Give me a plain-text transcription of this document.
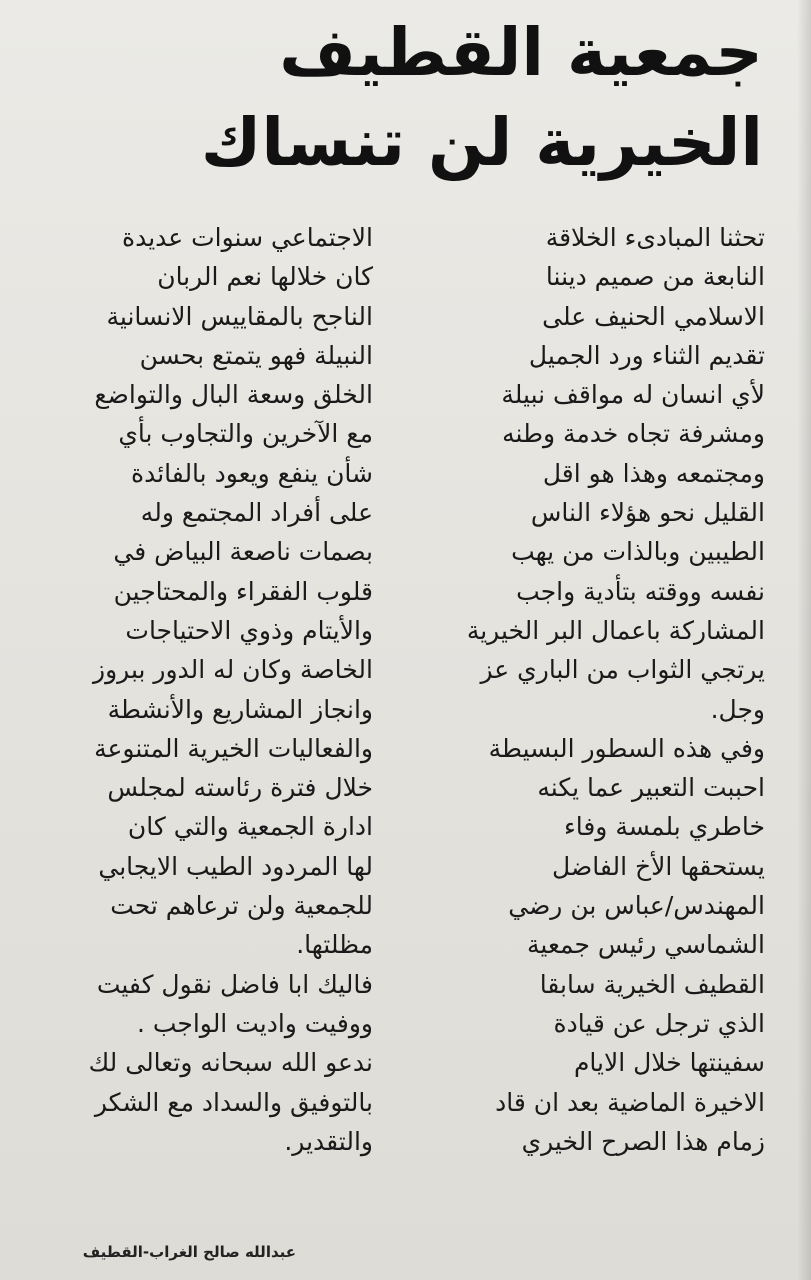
جمعية القطيف الخيرية لن تنساك

تحثنا المبادىء الخلاقة
النابعة من صميم ديننا
الاسلامي الحنيف على
تقديم الثناء ورد الجميل
لأي انسان له مواقف نبيلة
ومشرفة تجاه خدمة وطنه
ومجتمعه وهذا هو اقل
القليل نحو هؤلاء الناس
الطيبين وبالذات من يهب
نفسه ووقته بتأدية واجب
المشاركة باعمال البر الخيرية
يرتجي الثواب من الباري عز
وجل.

وفي هذه السطور البسيطة
احببت التعبير عما يكنه
خاطري بلمسة وفاء
يستحقها الأخ الفاضل
المهندس/عباس بن رضي
الشماسي رئيس جمعية
القطيف الخيرية سابقا
الذي ترجل عن قيادة
سفينتها خلال الايام
الاخيرة الماضية بعد ان قاد
زمام هذا الصرح الخيري

الاجتماعي سنوات عديدة
كان خلالها نعم الربان
الناجح بالمقاييس الانسانية
النبيلة فهو يتمتع بحسن
الخلق وسعة البال والتواضع
مع الآخرين والتجاوب بأي
شأن ينفع ويعود بالفائدة
على أفراد المجتمع وله
بصمات ناصعة البياض في
قلوب الفقراء والمحتاجين
والأيتام وذوي الاحتياجات
الخاصة وكان له الدور ببروز
وانجاز المشاريع والأنشطة
والفعاليات الخيرية المتنوعة
خلال فترة رئاسته لمجلس
ادارة الجمعية والتي كان
لها المردود الطيب الايجابي
للجمعية ولن ترعاهم تحت
مظلتها.

فاليك ابا فاضل نقول كفيت
ووفيت واديت الواجب .

ندعو الله سبحانه وتعالى لك
بالتوفيق والسداد مع الشكر
والتقدير.

عبدالله صالح الغراب-القطيف
